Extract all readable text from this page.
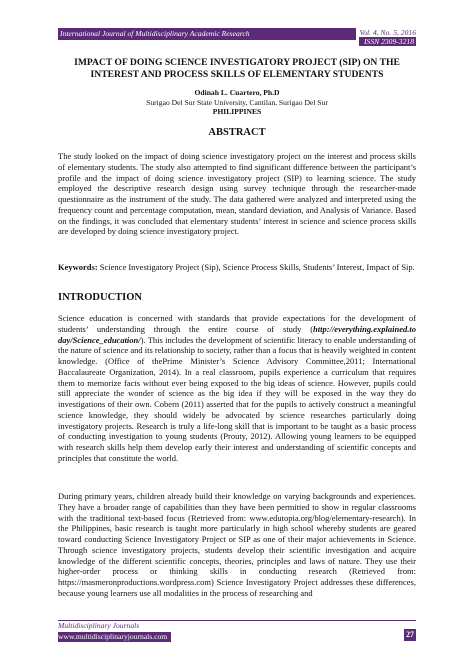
International Journal of Multidisciplinary Academic Research	Vol. 4, No. 5, 2016
ISSN 2309-3218
IMPACT OF DOING SCIENCE INVESTIGATORY PROJECT (SIP) ON THE INTEREST AND PROCESS SKILLS OF ELEMENTARY STUDENTS
Odinah L. Cuartero, Ph.D
Surigao Del Sur State University, Cantilan, Surigao Del Sur
PHILIPPINES
ABSTRACT
The study looked on the impact of doing science investigatory project on the interest and process skills of elementary students. The study also attempted to find significant difference between the participant’s profile and the impact of doing science investigatory project (SIP) to learning science. The study employed the descriptive research design using survey technique through the researcher-made questionnaire as the instrument of the study. The data gathered were analyzed and interpreted using the frequency count and percentage computation, mean, standard deviation, and Analysis of Variance. Based on the findings, it was concluded that elementary students’ interest in science and science process skills are developed by doing science investigatory project.
Keywords: Science Investigatory Project (Sip), Science Process Skills, Students’ Interest, Impact of Sip.
INTRODUCTION
Science education is concerned with standards that provide expectations for the development of students’ understanding through the entire course of study (http://everything.explained.to day/Science_education/). This includes the development of scientific literacy to enable understanding of the nature of science and its relationship to society, rather than a focus that is heavily weighted in content knowledge. (Office of thePrime Minister’s Science Advisory Committee,2011; International Baccalaureate Organization, 2014). In a real classroom, pupils experience a curriculum that requires them to memorize facts without ever being exposed to the big ideas of science. However, pupils could still appreciate the wonder of science as the big idea if they will be exposed in the way they do investigations of their own. Cobern (2011) asserted that for the pupils to actively construct a meaningful science knowledge, they should widely be advocated by science researches particularly doing investigatory projects. Research is truly a life-long skill that is important to be taught as a basic process of conducting investigation to young students (Prouty, 2012). Allowing young learners to be equipped with research skills help them develop early their interest and understanding of scientific concepts and principles that constitute the world.
During primary years, children already build their knowledge on varying backgrounds and experiences. They have a broader range of capabilities than they have been permitted to show in regular classrooms with the traditional text-based focus (Retrieved from: www.edutopia.org/blog/elementary-research). In the Philippines, basic research is taught more particularly in high school whereby students are geared toward conducting Science Investigatory Project or SIP as one of their major achievements in Science. Through science investigatory projects, students develop their scientific investigation and acquire knowledge of the different scientific concepts, theories, principles and laws of nature. They use their higher-order process or thinking skills in conducting research (Retrieved from: https://masmeronproductions.wordpress.com) Science Investigatory Project addresses these differences, because young learners use all modalities in the process of researching and
Multidisciplinary Journals
www.multidisciplinaryjournals.com	27
